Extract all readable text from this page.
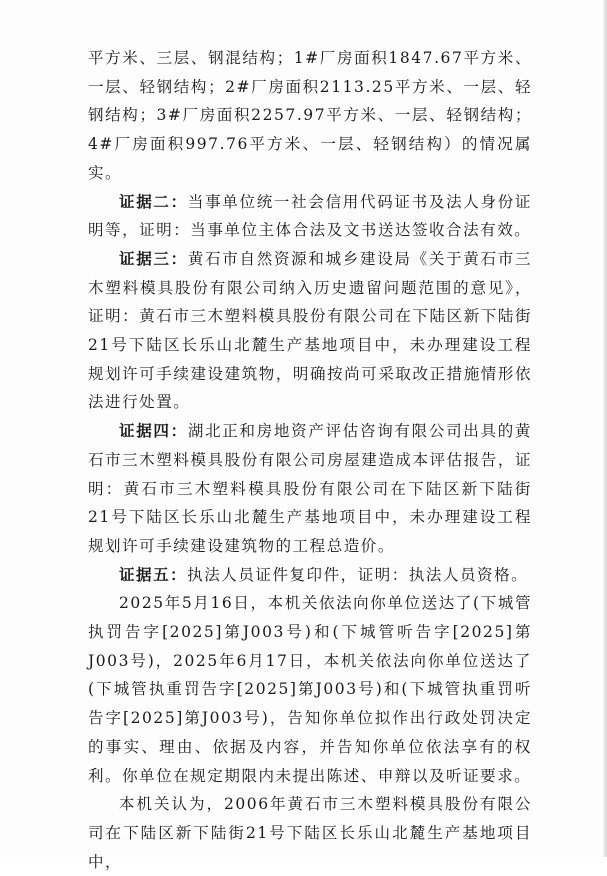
平方米、三层、钢混结构；1#厂房面积1847.67平方米、一层、轻钢结构；2#厂房面积2113.25平方米、一层、轻钢结构；3#厂房面积2257.97平方米、一层、轻钢结构；4#厂房面积997.76平方米、一层、轻钢结构）的情况属实。

证据二：当事单位统一社会信用代码证书及法人身份证明等，证明：当事单位主体合法及文书送达签收合法有效。

证据三：黄石市自然资源和城乡建设局《关于黄石市三木塑料模具股份有限公司纳入历史遗留问题范围的意见》，证明：黄石市三木塑料模具股份有限公司在下陆区新下陆街21号下陆区长乐山北麓生产基地项目中，未办理建设工程规划许可手续建设建筑物，明确按尚可采取改正措施情形依法进行处置。

证据四：湖北正和房地资产评估咨询有限公司出具的黄石市三木塑料模具股份有限公司房屋建造成本评估报告，证明：黄石市三木塑料模具股份有限公司在下陆区新下陆街21号下陆区长乐山北麓生产基地项目中，未办理建设工程规划许可手续建设建筑物的工程总造价。

证据五：执法人员证件复印件，证明：执法人员资格。

2025年5月16日，本机关依法向你单位送达了(下城管执罚告字[2025]第J003号)和(下城管听告字[2025]第J003号)，2025年6月17日，本机关依法向你单位送达了(下城管执重罚告字[2025]第J003号)和(下城管执重罚听告字[2025]第J003号)，告知你单位拟作出行政处罚决定的事实、理由、依据及内容，并告知你单位依法享有的权利。你单位在规定期限内未提出陈述、申辩以及听证要求。

本机关认为，2006年黄石市三木塑料模具股份有限公司在下陆区新下陆街21号下陆区长乐山北麓生产基地项目中，
